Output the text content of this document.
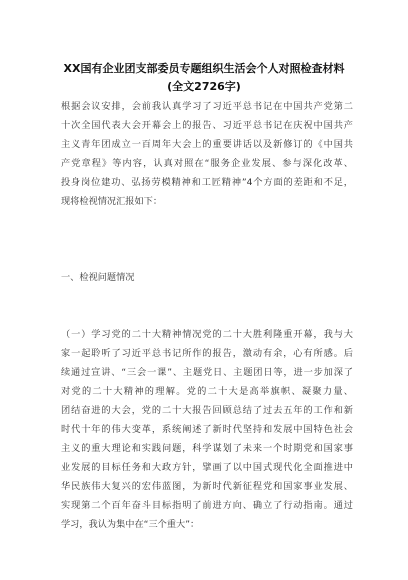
XX国有企业团支部委员专题组织生活会个人对照检查材料
(全文2726字)
根据会议安排，会前我认真学习了习近平总书记在中国共产党第二
十次全国代表大会开幕会上的报告、习近平总书记在庆祝中国共产
主义青年团成立一百周年大会上的重要讲话以及新修订的《中国共
产党章程》等内容，认真对照在“服务企业发展、参与深化改革、
投身岗位建功、弘扬劳模精神和工匠精神”4个方面的差距和不足，
现将检视情况汇报如下：
一、检视问题情况
（一）学习党的二十大精神情况党的二十大胜利隆重开幕，我与大
家一起聆听了习近平总书记所作的报告，激动有余，心有所感。后
续通过宣讲、“三会一课”、主题党日、主题团日等，进一步加深了
对党的二十大精神的理解。党的二十大是高举旗帜、凝聚力量、
团结奋进的大会，党的二十大报告回顾总结了过去五年的工作和新
时代十年的伟大变革，系统阐述了新时代坚持和发展中国特色社会
主义的重大理论和实践问题，科学谋划了未来一个时期党和国家事
业发展的目标任务和大政方针，擘画了以中国式现代化全面推进中
华民族伟大复兴的宏伟蓝图，为新时代新征程党和国家事业发展、
实现第二个百年奋斗目标指明了前进方向、确立了行动指南。通过
学习，我认为集中在“三个重大”：
